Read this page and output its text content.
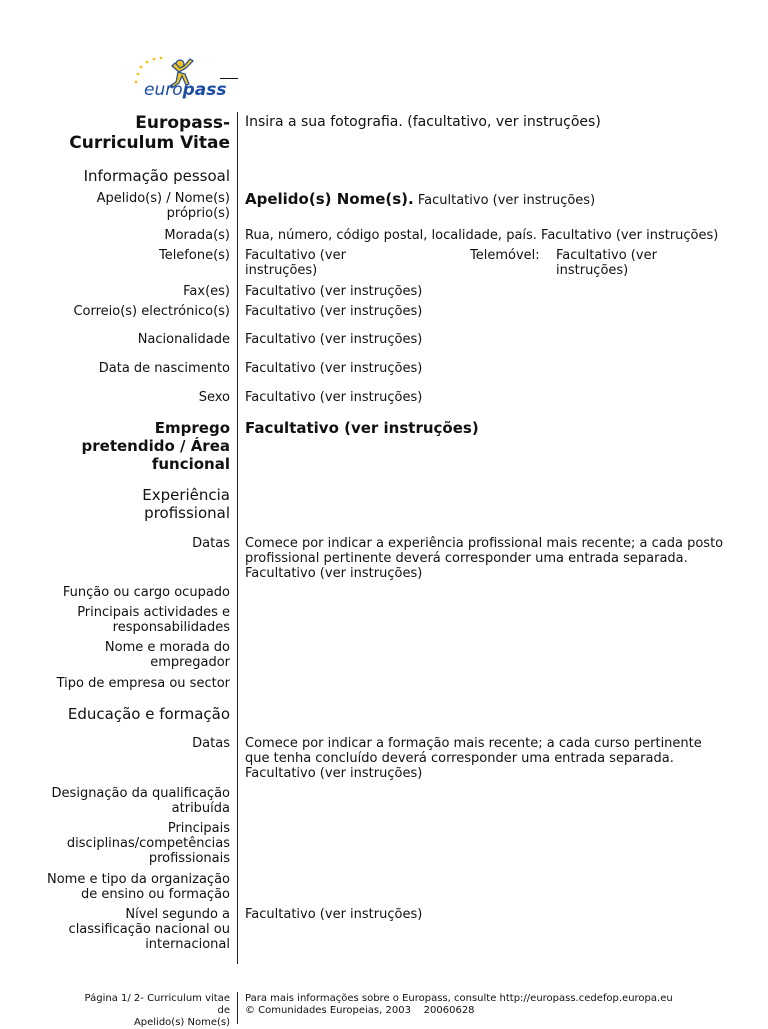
europass
Europass-
Curriculum Vitae
Insira a sua fotografia. (facultativo, ver instruções)
Informação pessoal
Apelido(s) / Nome(s) próprio(s)
Apelido(s) Nome(s). Facultativo (ver instruções)
Morada(s) Rua, número, código postal, localidade, país. Facultativo (ver instruções)
Telefone(s) Facultativo (ver instruções)
Telemóvel: Facultativo (ver instruções)
Fax(es) Facultativo (ver instruções)
Correio(s) electrónico(s) Facultativo (ver instruções)
Nacionalidade Facultativo (ver instruções)
Data de nascimento Facultativo (ver instruções)
Sexo Facultativo (ver instruções)
Emprego pretendido / Área funcional
Facultativo (ver instruções)
Experiência profissional
Datas Comece por indicar a experiência profissional mais recente; a cada posto profissional pertinente deverá corresponder uma entrada separada. Facultativo (ver instruções)
Função ou cargo ocupado
Principais actividades e responsabilidades
Nome e morada do empregador
Tipo de empresa ou sector
Educação e formação
Datas Comece por indicar a formação mais recente; a cada curso pertinente que tenha concluído deverá corresponder uma entrada separada. Facultativo (ver instruções)
Designação da qualificação atribuída
Principais disciplinas/competências profissionais
Nome e tipo da organização de ensino ou formação
Nível segundo a classificação nacional ou internacional
Facultativo (ver instruções)
Página 1/ 2- Curriculum vitae
de
Apelido(s) Nome(s)
Para mais informações sobre o Europass, consulte http://europass.cedefop.europa.eu
© Comunidades Europeias, 2003    20060628
